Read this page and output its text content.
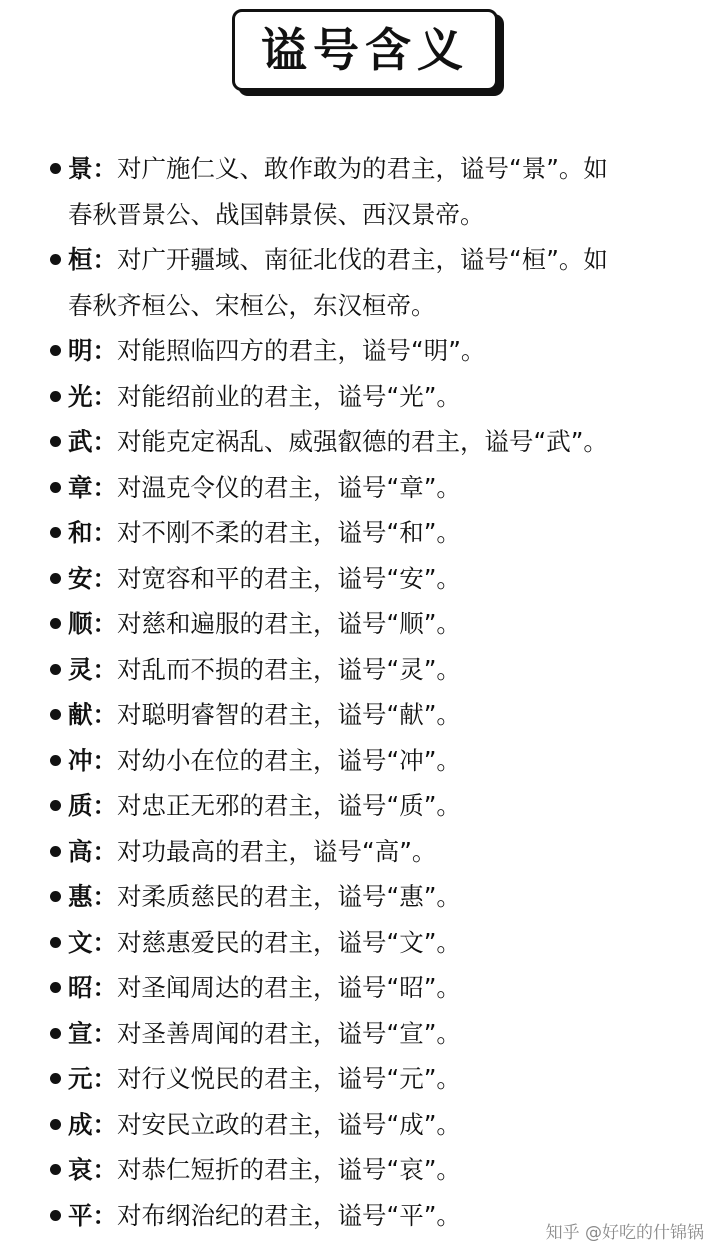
谥号含义
景：对广施仁义、敢作敢为的君主，谥号“景”。如
春秋晋景公、战国韩景侯、西汉景帝。
桓：对广开疆域、南征北伐的君主，谥号“桓”。如
春秋齐桓公、宋桓公，东汉桓帝。
明：对能照临四方的君主，谥号“明”。
光：对能绍前业的君主，谥号“光”。
武：对能克定祸乱、威强叡德的君主，谥号“武”。
章：对温克令仪的君主，谥号“章”。
和：对不刚不柔的君主，谥号“和”。
安：对宽容和平的君主，谥号“安”。
顺：对慈和遍服的君主，谥号“顺”。
灵：对乱而不损的君主，谥号“灵”。
献：对聪明睿智的君主，谥号“献”。
冲：对幼小在位的君主，谥号“冲”。
质：对忠正无邪的君主，谥号“质”。
高：对功最高的君主，谥号“高”。
惠：对柔质慈民的君主，谥号“惠”。
文：对慈惠爱民的君主，谥号“文”。
昭：对圣闻周达的君主，谥号“昭”。
宣：对圣善周闻的君主，谥号“宣”。
元：对行义悦民的君主，谥号“元”。
成：对安民立政的君主，谥号“成”。
哀：对恭仁短折的君主，谥号“哀”。
平：对布纲治纪的君主，谥号“平”。
知乎 @好吃的什锦锅
